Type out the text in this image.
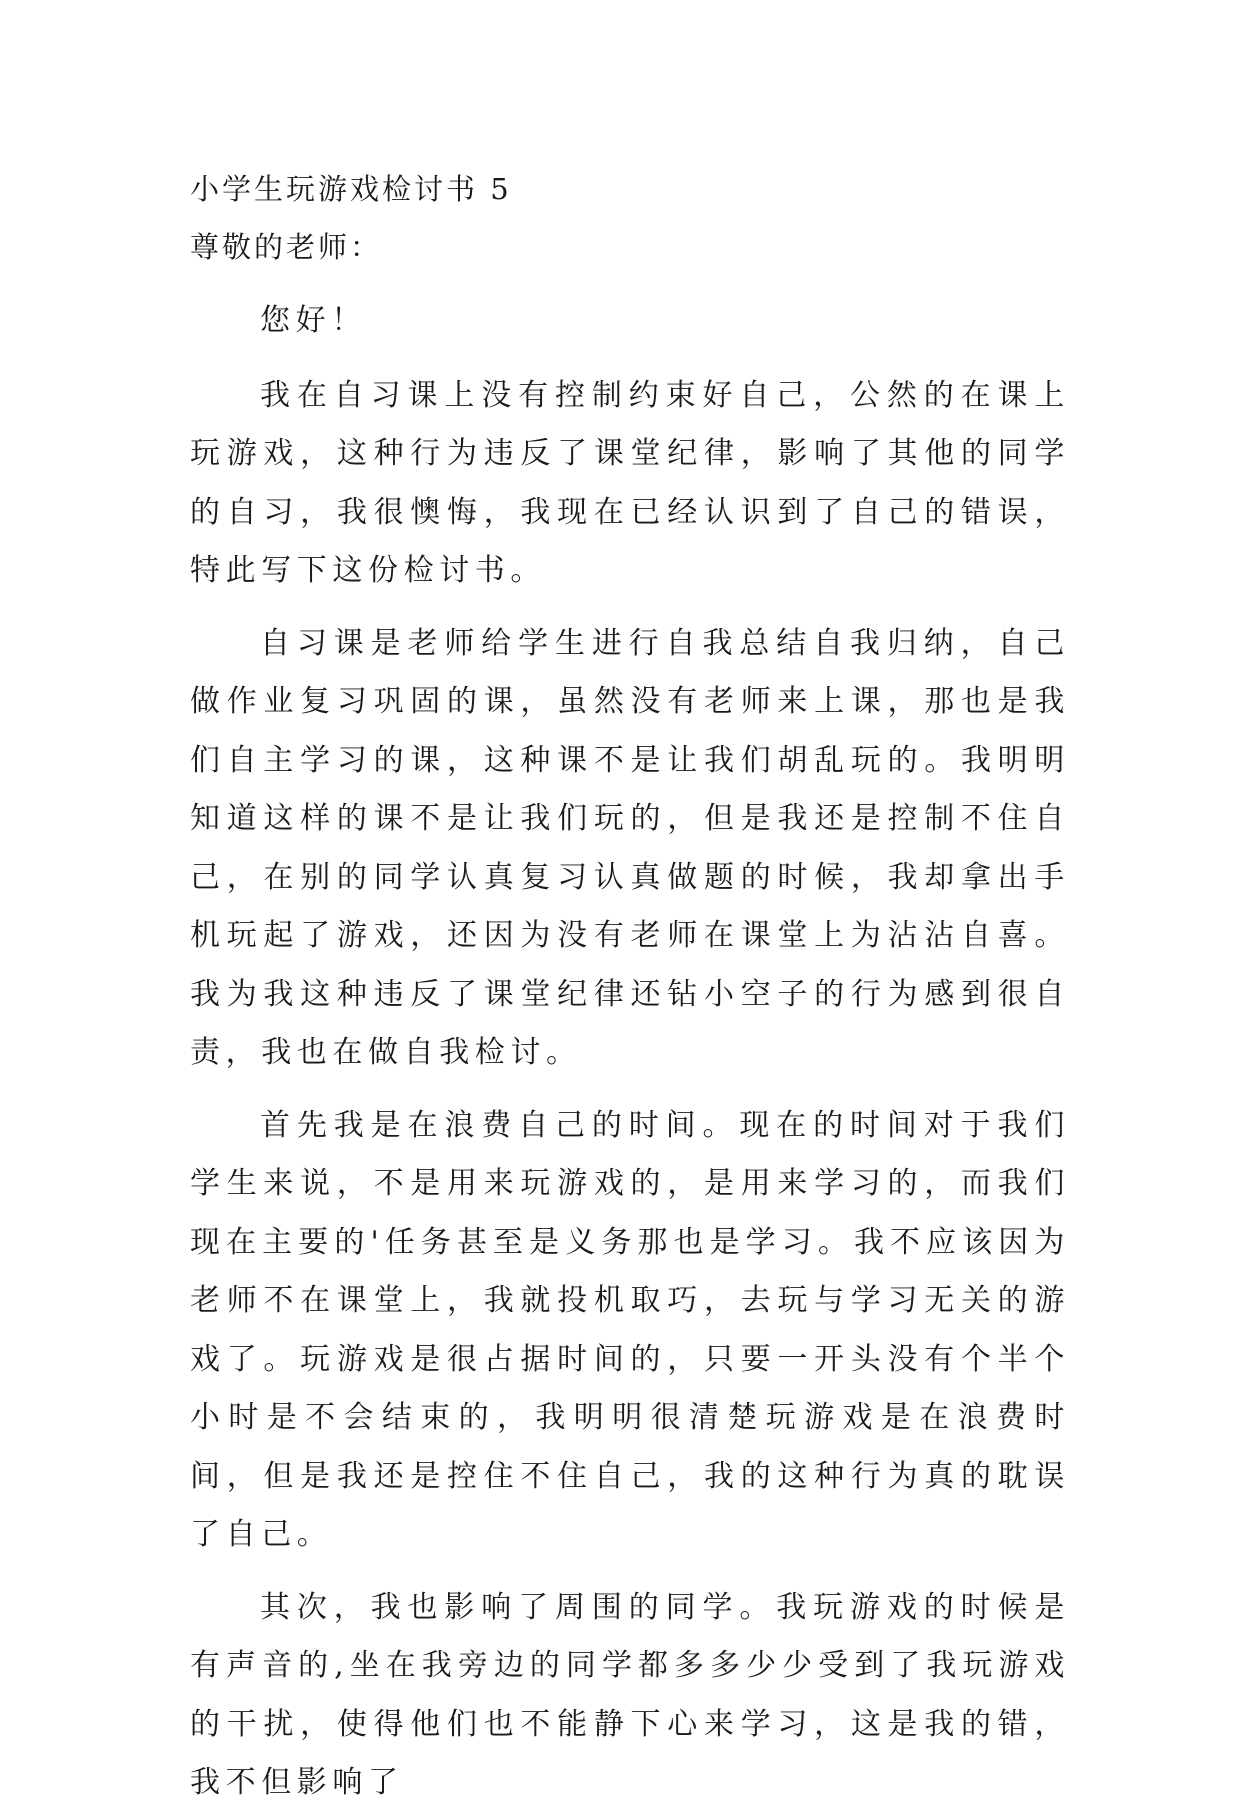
小学生玩游戏检讨书 5

尊敬的老师：

您好！

我在自习课上没有控制约束好自己，公然的在课上玩游戏，这种行为违反了课堂纪律，影响了其他的同学的自习，我很懊悔，我现在已经认识到了自己的错误，特此写下这份检讨书。

自习课是老师给学生进行自我总结自我归纳，自己做作业复习巩固的课，虽然没有老师来上课，那也是我们自主学习的课，这种课不是让我们胡乱玩的。我明明知道这样的课不是让我们玩的，但是我还是控制不住自己，在别的同学认真复习认真做题的时候，我却拿出手机玩起了游戏，还因为没有老师在课堂上为沾沾自喜。我为我这种违反了课堂纪律还钻小空子的行为感到很自责，我也在做自我检讨。

首先我是在浪费自己的时间。现在的时间对于我们学生来说，不是用来玩游戏的，是用来学习的，而我们现在主要的'任务甚至是义务那也是学习。我不应该因为老师不在课堂上，我就投机取巧，去玩与学习无关的游戏了。玩游戏是很占据时间的，只要一开头没有个半个小时是不会结束的，我明明很清楚玩游戏是在浪费时间，但是我还是控住不住自己，我的这种行为真的耽误了自己。

其次，我也影响了周围的同学。我玩游戏的时候是有声音的,坐在我旁边的同学都多多少少受到了我玩游戏的干扰，使得他们也不能静下心来学习，这是我的错，我不但影响了
